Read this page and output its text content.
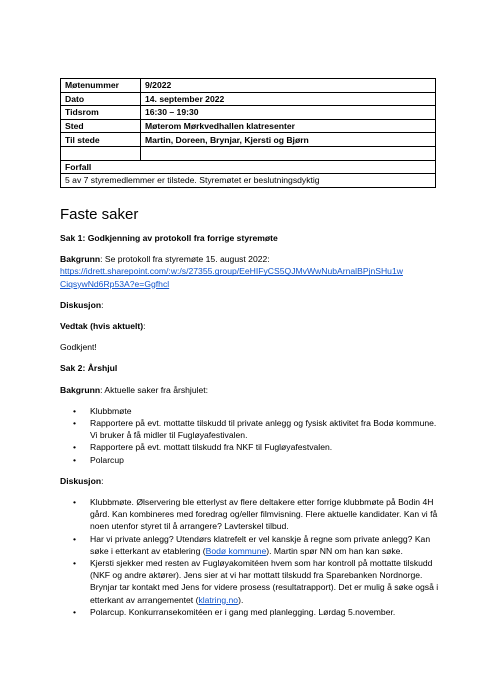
Møtenummer	9/2022
Dato	14. september 2022
Tidsrom	16:30 – 19:30
Sted	Møterom Mørkvedhallen klatresenter
Til stede	Martin, Doreen, Brynjar, Kjersti og Bjørn

Forfall	
5 av 7 styremedlemmer er tilstede. Styremøtet er beslutningsdyktig	
Faste saker

Sak 1: Godkjenning av protokoll fra forrige styremøte

Bakgrunn: Se protokoll fra styremøte 15. august 2022:
https://idrett.sharepoint.com/:w:/s/27355.group/EeHIFyCS5QJMvWwNubArnalBPjnSHu1w
CiqsywNd6Rp53A?e=Ggfhcl

Diskusjon:

Vedtak (hvis aktuelt):

Godkjent!

Sak 2: Årshjul

Bakgrunn: Aktuelle saker fra årshjulet:

• Klubbmøte
• Rapportere på evt. mottatte tilskudd til private anlegg og fysisk aktivitet fra Bodø kommune. Vi bruker å få midler til Fugløyafestivalen.
• Rapportere på evt. mottatt tilskudd fra NKF til Fugløyafestvalen.
• Polarcup

Diskusjon:

• Klubbmøte. Ølservering ble etterlyst av flere deltakere etter forrige klubbmøte på Bodin 4H gård. Kan kombineres med foredrag og/eller filmvisning. Flere aktuelle kandidater. Kan vi få noen utenfor styret til å arrangere? Lavterskel tilbud.
• Har vi private anlegg? Utendørs klatrefelt er vel kanskje å regne som private anlegg? Kan søke i etterkant av etablering (Bodø kommune). Martin spør NN om han kan søke.
• Kjersti sjekker med resten av Fugløyakomitéen hvem som har kontroll på mottatte tilskudd (NKF og andre aktører). Jens sier at vi har mottatt tilskudd fra Sparebanken Nordnorge. Brynjar tar kontakt med Jens for videre prosess (resultatrapport). Det er mulig å søke også i etterkant av arrangementet (klatring.no).
• Polarcup. Konkurransekomitéen er i gang med planlegging. Lørdag 5.november.
